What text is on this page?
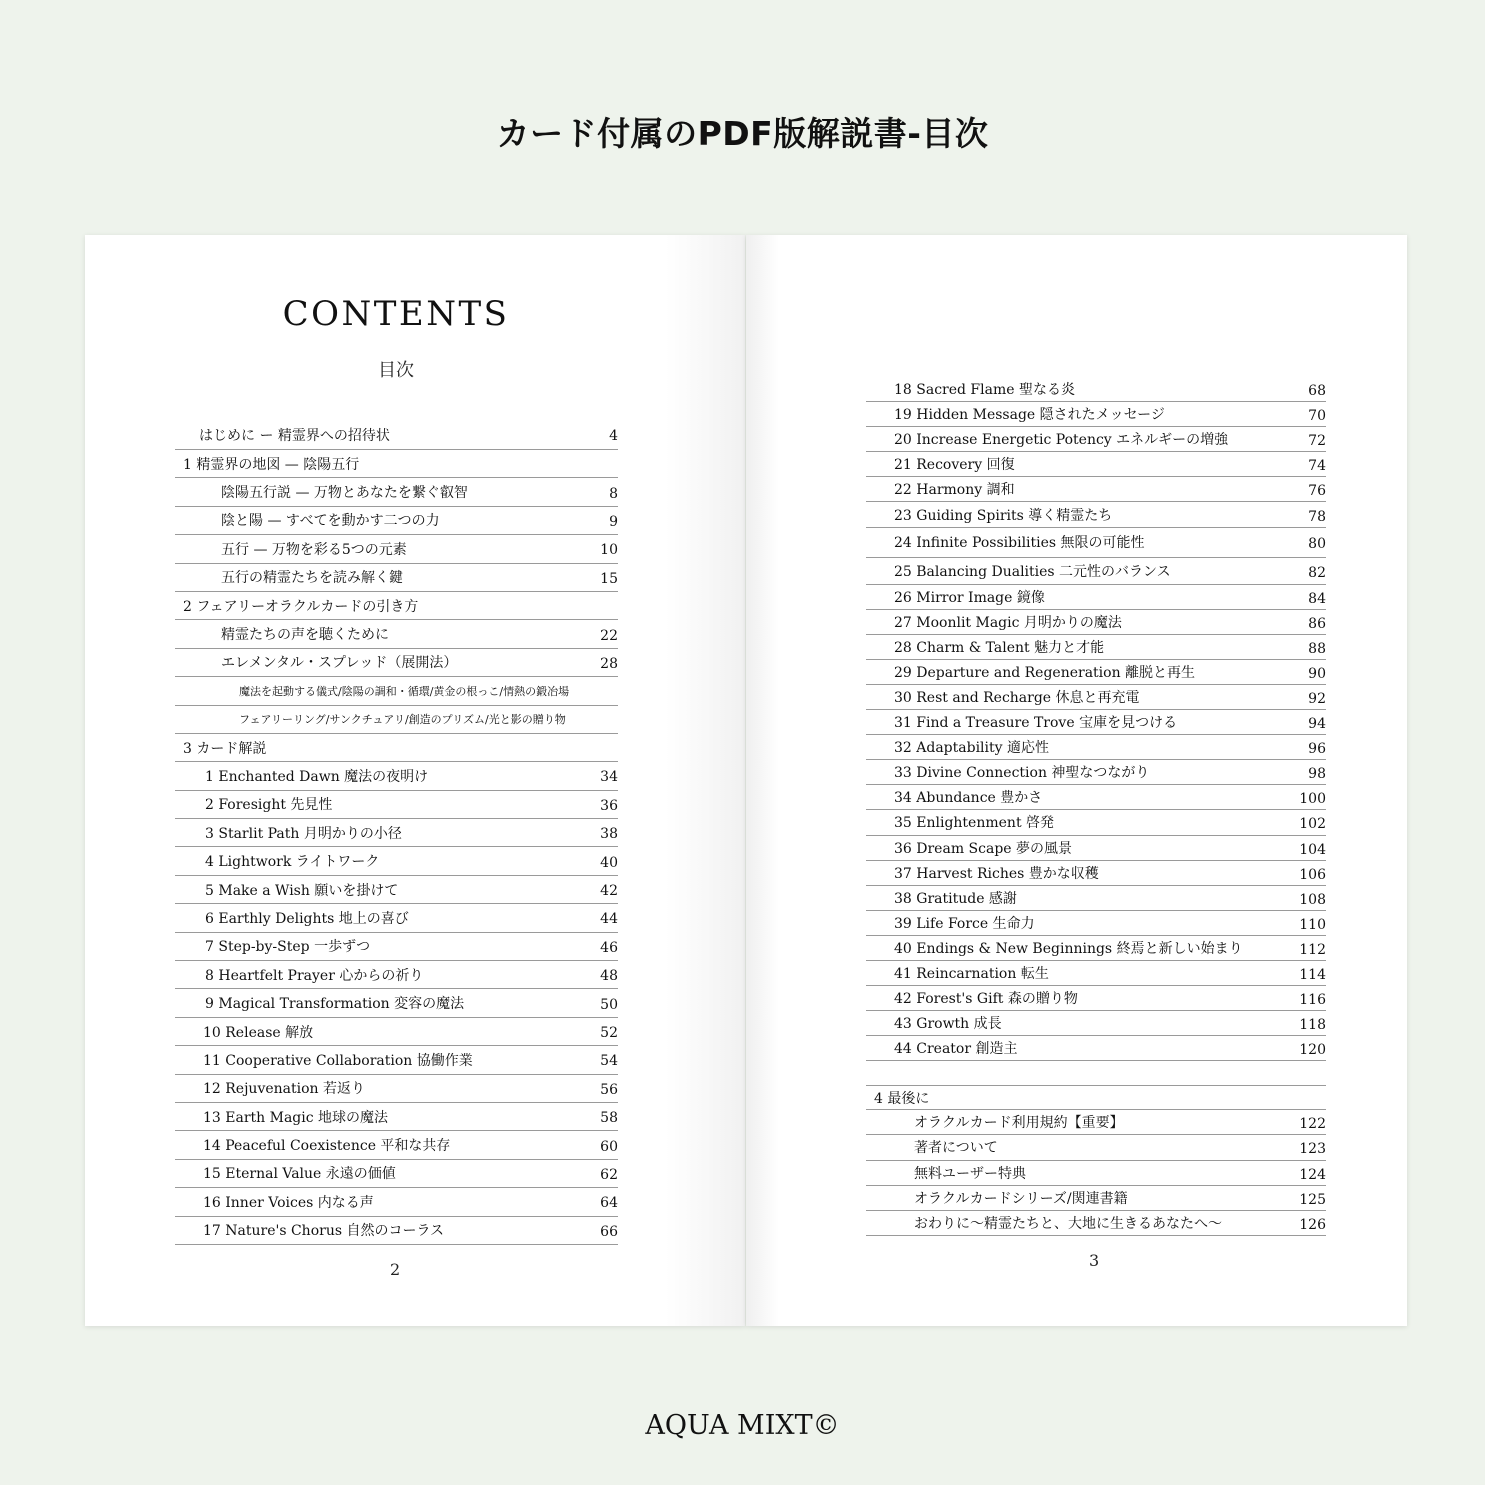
カード付属のPDF版解説書-目次
CONTENTS
目次
はじめに ー 精霊界への招待状	4
1 精霊界の地図 — 陰陽五行
陰陽五行説 — 万物とあなたを繋ぐ叡智	8
陰と陽 — すべてを動かす二つの力	9
五行 — 万物を彩る5つの元素	10
五行の精霊たちを読み解く鍵	15
2 フェアリーオラクルカードの引き方
精霊たちの声を聴くために	22
エレメンタル・スプレッド（展開法）	28
魔法を起動する儀式/陰陽の調和・循環/黄金の根っこ/情熱の鍛冶場
フェアリーリング/サンクチュアリ/創造のプリズム/光と影の贈り物
3 カード解説
1 Enchanted Dawn 魔法の夜明け	34
2 Foresight 先見性	36
3 Starlit Path 月明かりの小径	38
4 Lightwork ライトワーク	40
5 Make a Wish 願いを掛けて	42
6 Earthly Delights 地上の喜び	44
7 Step-by-Step 一歩ずつ	46
8 Heartfelt Prayer 心からの祈り	48
9 Magical Transformation 変容の魔法	50
10 Release 解放	52
11 Cooperative Collaboration 協働作業	54
12 Rejuvenation 若返り	56
13 Earth Magic 地球の魔法	58
14 Peaceful Coexistence 平和な共存	60
15 Eternal Value 永遠の価値	62
16 Inner Voices 内なる声	64
17 Nature's Chorus 自然のコーラス	66
18 Sacred Flame 聖なる炎	68
19 Hidden Message 隠されたメッセージ	70
20 Increase Energetic Potency エネルギーの増強	72
21 Recovery 回復	74
22 Harmony 調和	76
23 Guiding Spirits 導く精霊たち	78
24 Infinite Possibilities 無限の可能性	80
25 Balancing Dualities 二元性のバランス	82
26 Mirror Image 鏡像	84
27 Moonlit Magic 月明かりの魔法	86
28 Charm & Talent 魅力と才能	88
29 Departure and Regeneration 離脱と再生	90
30 Rest and Recharge 休息と再充電	92
31 Find a Treasure Trove 宝庫を見つける	94
32 Adaptability 適応性	96
33 Divine Connection 神聖なつながり	98
34 Abundance 豊かさ	100
35 Enlightenment 啓発	102
36 Dream Scape 夢の風景	104
37 Harvest Riches 豊かな収穫	106
38 Gratitude 感謝	108
39 Life Force 生命力	110
40 Endings & New Beginnings 終焉と新しい始まり	112
41 Reincarnation 転生	114
42 Forest's Gift 森の贈り物	116
43 Growth 成長	118
44 Creator 創造主	120
4 最後に
オラクルカード利用規約【重要】	122
著者について	123
無料ユーザー特典	124
オラクルカードシリーズ/関連書籍	125
おわりに〜精霊たちと、大地に生きるあなたへ〜	126
2	3
AQUA MIXT©
